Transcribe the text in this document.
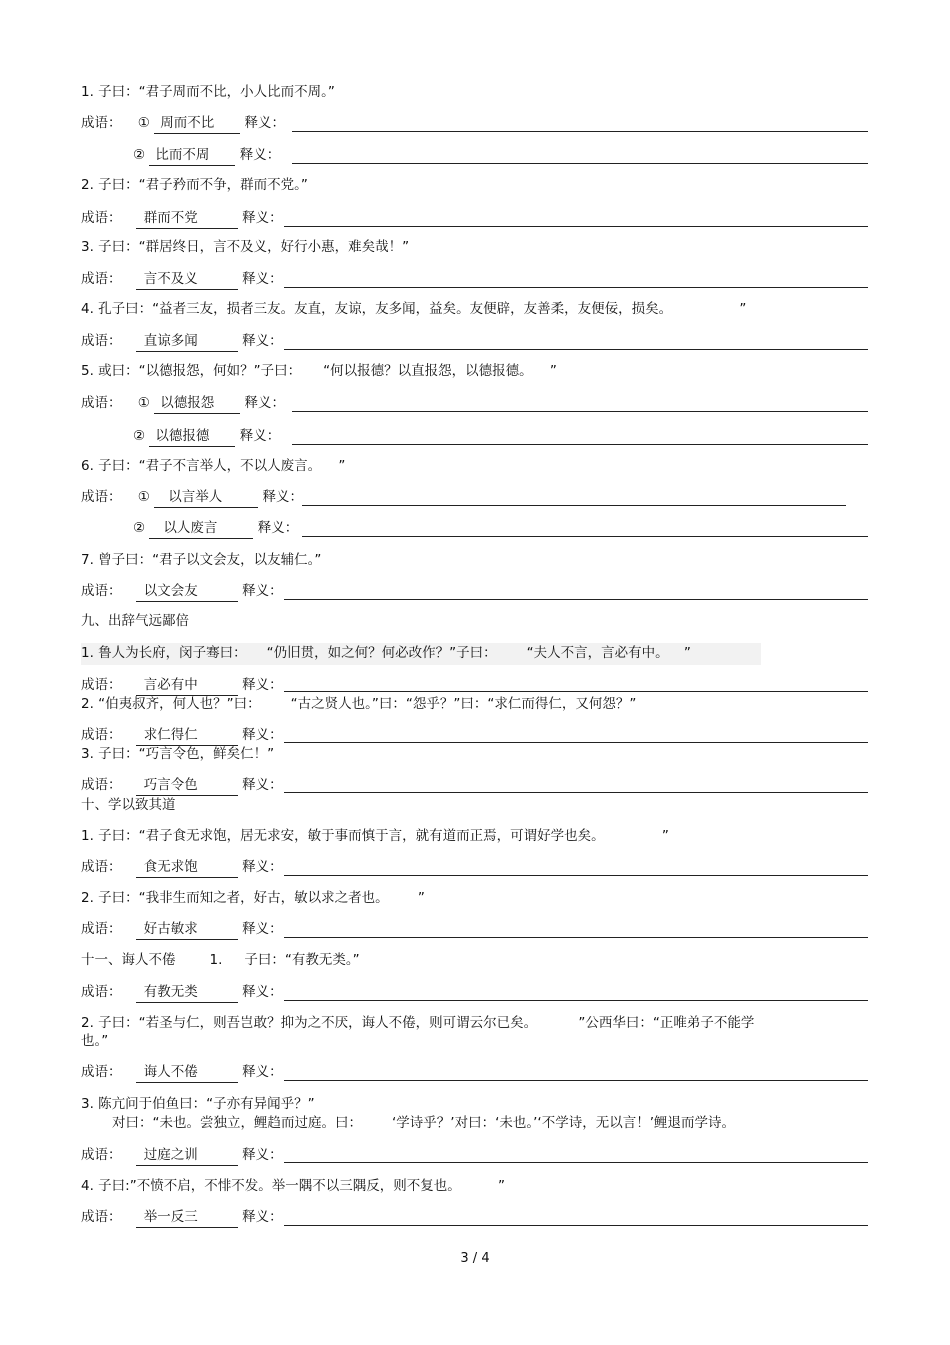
1. 子曰：“君子周而不比，小人比而不周。”
成语： ① 周而不比 释义：
② 比而不周 释义：
2. 子曰：“君子矜而不争，群而不党。”
成语： 群而不党	释义：
3. 子曰：“群居终日，言不及义，好行小惠，难矣哉！”
成语： 言不及义	释义：
4. 孔子曰：“益者三友，损者三友。友直，友谅，友多闻，益矣。友便辟，友善柔，友便佞，损矣。	”
成语： 直谅多闻	释义：
5. 或曰：“以德报怨，何如？”子曰： “何以报德？以直报怨，以德报德。 ”
成语： ① 以德报怨 释义：
② 以德报德 释义：
6. 子曰：“君子不言举人，不以人废言。 ”
成语： ① 以言举人	释义：
② 以人废言	释义：
7. 曾子曰：“君子以文会友，以友辅仁。”
成语： 以文会友	释义：
九、出辞气远鄙倍
1. 鲁人为长府，闵子骞曰： “仍旧贯，如之何？何必改作？”子曰： “夫人不言，言必有中。 ”
成语： 言必有中	释义：
2. “伯夷叔齐，何人也？”曰： “古之贤人也。”曰：“怨乎？”曰：“求仁而得仁，又何怨？”
成语： 求仁得仁	释义：
3. 子曰：“巧言令色，鲜矣仁！”
成语： 巧言令色	释义：
十、学以致其道
1. 子曰：“君子食无求饱，居无求安，敏于事而慎于言，就有道而正焉，可谓好学也矣。	”
成语： 食无求饱	释义：
2. 子曰：“我非生而知之者，好古，敏以求之者也。	”
成语： 好古敏求	释义：
十一、诲人不倦	1. 子曰：“有教无类。”
成语： 有教无类	释义：
2. 子曰：“若圣与仁，则吾岂敢？抑为之不厌，诲人不倦，则可谓云尔已矣。	”公西华曰：“正唯弟子不能学
也。”
成语： 诲人不倦	释义：
3. 陈亢问于伯鱼曰：“子亦有异闻乎？”
对曰：“未也。尝独立，鲤趋而过庭。曰： ‘学诗乎？’对曰：‘未也。’‘不学诗，无以言！’鲤退而学诗。
成语： 过庭之训	释义：
4. 子曰:”不愤不启，不悱不发。举一隅不以三隅反，则不复也。	”
成语： 举一反三	释义：
3 / 4
